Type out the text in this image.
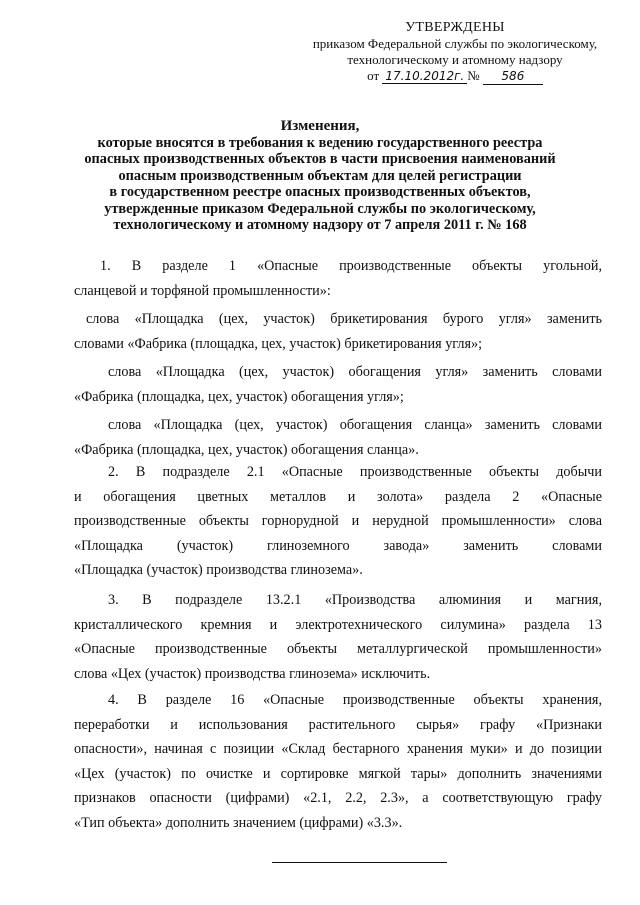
УТВЕРЖДЕНЫ
приказом Федеральной службы по экологическому,
технологическому и атомному надзору
от 17.10.2012г. № 586
Изменения,
которые вносятся в требования к ведению государственного реестра
опасных производственных объектов в части присвоения наименований
опасным производственным объектам для целей регистрации
в государственном реестре опасных производственных объектов,
утвержденные приказом Федеральной службы по экологическому,
технологическому и атомному надзору от 7 апреля 2011 г. № 168
1. В разделе 1 «Опасные производственные объекты угольной,
сланцевой и торфяной промышленности»:
слова «Площадка (цех, участок) брикетирования бурого угля» заменить
словами «Фабрика (площадка, цех, участок) брикетирования угля»;
слова «Площадка (цех, участок) обогащения угля» заменить словами
«Фабрика (площадка, цех, участок) обогащения угля»;
слова «Площадка (цех, участок) обогащения сланца» заменить словами
«Фабрика (площадка, цех, участок) обогащения сланца».
2. В подразделе 2.1 «Опасные производственные объекты добычи
и обогащения цветных металлов и золота» раздела 2 «Опасные
производственные объекты горнорудной и нерудной промышленности» слова
«Площадка (участок) глиноземного завода» заменить словами
«Площадка (участок) производства глинозема».
3. В подразделе 13.2.1 «Производства алюминия и магния,
кристаллического кремния и электротехнического силумина» раздела 13
«Опасные производственные объекты металлургической промышленности»
слова «Цех (участок) производства глинозема» исключить.
4. В разделе 16 «Опасные производственные объекты хранения,
переработки и использования растительного сырья» графу «Признаки
опасности», начиная с позиции «Склад бестарного хранения муки» и до позиции
«Цех (участок) по очистке и сортировке мягкой тары» дополнить значениями
признаков опасности (цифрами) «2.1, 2.2, 2.3», а соответствующую графу
«Тип объекта» дополнить значением (цифрами) «3.3».
